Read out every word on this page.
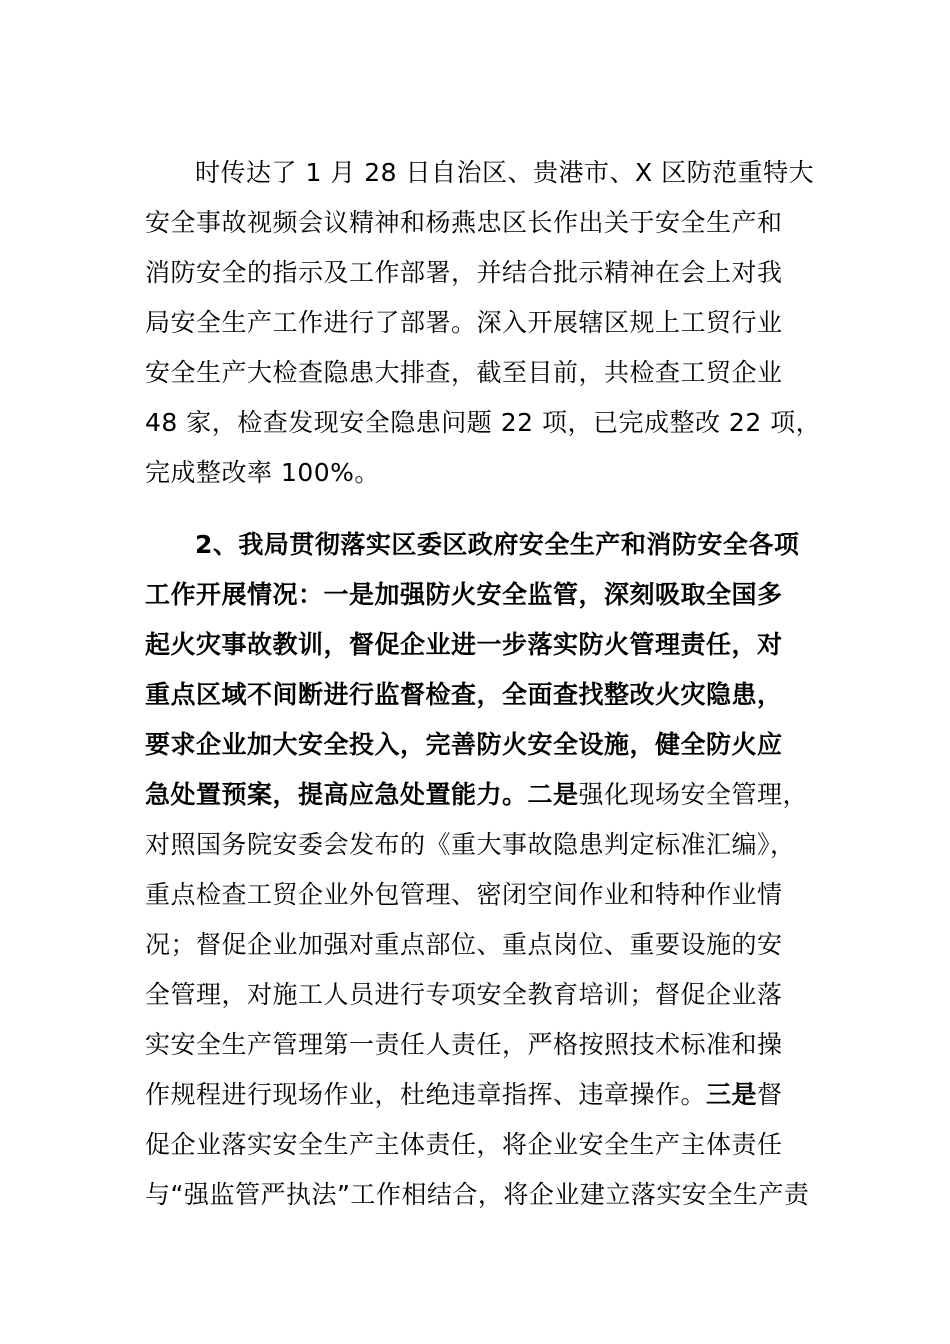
时传达了 1 月 28 日自治区、贵港市、X 区防范重特大
安全事故视频会议精神和杨燕忠区长作出关于安全生产和
消防安全的指示及工作部署，并结合批示精神在会上对我
局安全生产工作进行了部署。深入开展辖区规上工贸行业
安全生产大检查隐患大排查，截至目前，共检查工贸企业
48 家，检查发现安全隐患问题 22 项，已完成整改 22 项，
完成整改率 100%。
2、我局贯彻落实区委区政府安全生产和消防安全各项
工作开展情况：一是加强防火安全监管，深刻吸取全国多
起火灾事故教训，督促企业进一步落实防火管理责任，对
重点区域不间断进行监督检查，全面查找整改火灾隐患，
要求企业加大安全投入，完善防火安全设施，健全防火应
急处置预案，提高应急处置能力。二是强化现场安全管理，
对照国务院安委会发布的《重大事故隐患判定标准汇编》，
重点检查工贸企业外包管理、密闭空间作业和特种作业情
况；督促企业加强对重点部位、重点岗位、重要设施的安
全管理，对施工人员进行专项安全教育培训；督促企业落
实安全生产管理第一责任人责任，严格按照技术标准和操
作规程进行现场作业，杜绝违章指挥、违章操作。三是督
促企业落实安全生产主体责任，将企业安全生产主体责任
与“强监管严执法”工作相结合，将企业建立落实安全生产责
